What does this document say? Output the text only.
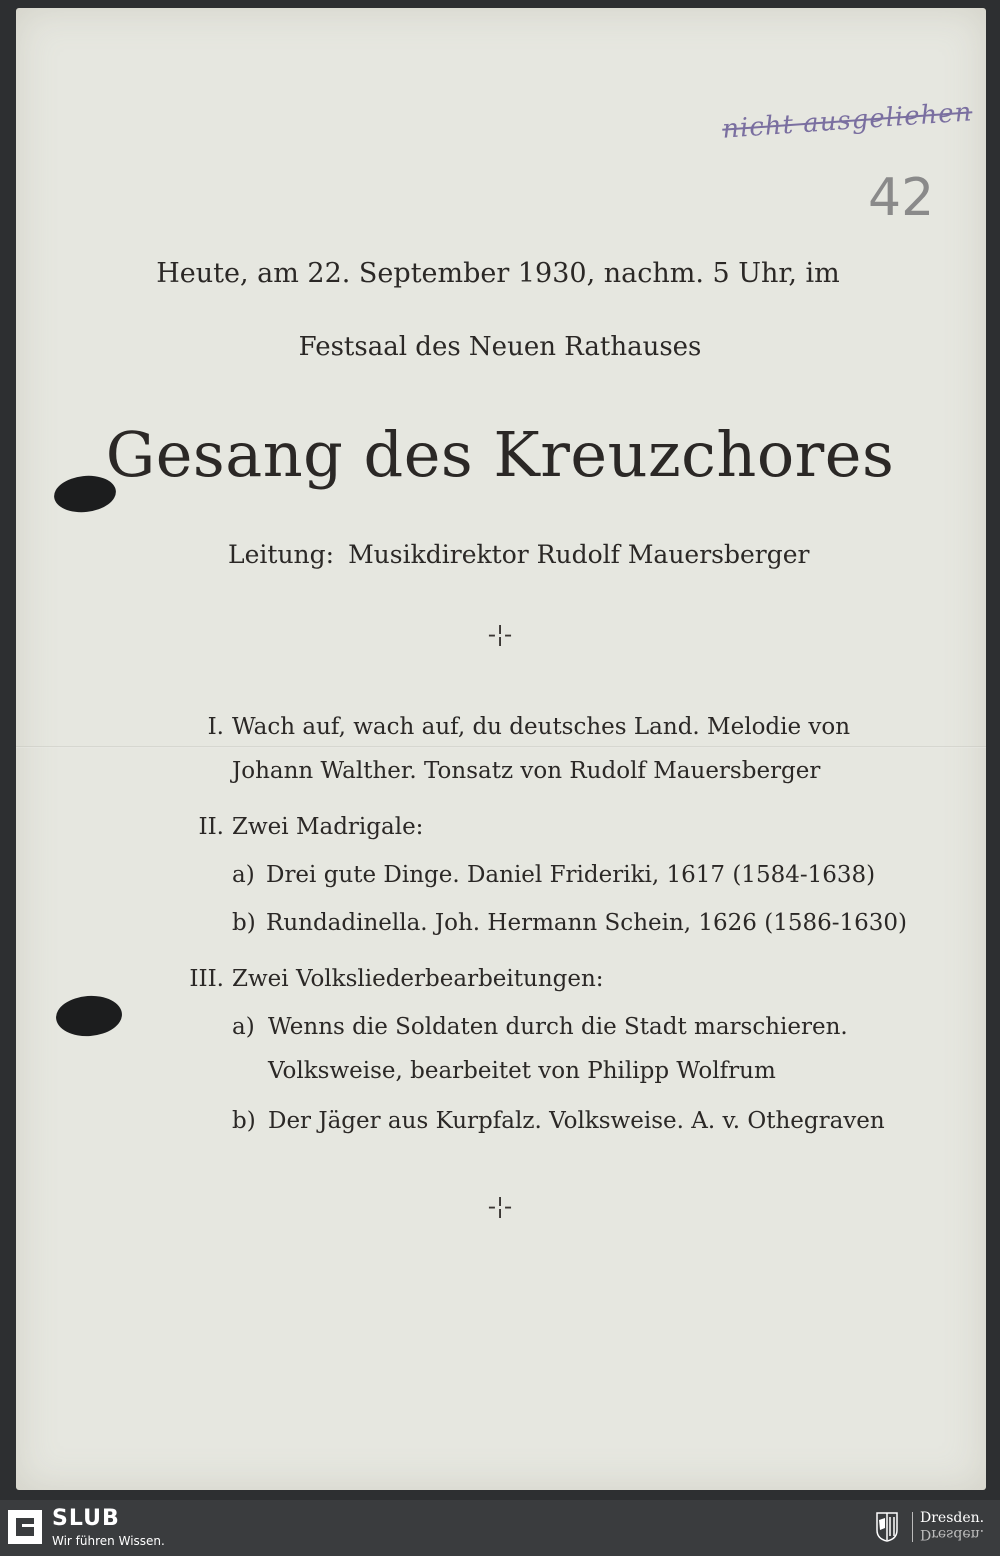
nicht ausgeliehen
42
Heute, am 22. September 1930, nachm. 5 Uhr, im
Festsaal des Neuen Rathauses
Gesang des Kreuzchores
Leitung: Musikdirektor Rudolf Mauersberger
-¦-
I. Wach auf, wach auf, du deutsches Land. Melodie von
Johann Walther. Tonsatz von Rudolf Mauersberger
II. Zwei Madrigale:
a) Drei gute Dinge. Daniel Frideriki, 1617 (1584-1638)
b) Rundadinella. Joh. Hermann Schein, 1626 (1586-1630)
III. Zwei Volksliederbearbeitungen:
a) Wenns die Soldaten durch die Stadt marschieren.
Volksweise, bearbeitet von Philipp Wolfrum
b) Der Jäger aus Kurpfalz. Volksweise. A. v. Othegraven
-¦-
SLUB
Wir führen Wissen.
Dresden.
Dresden.
